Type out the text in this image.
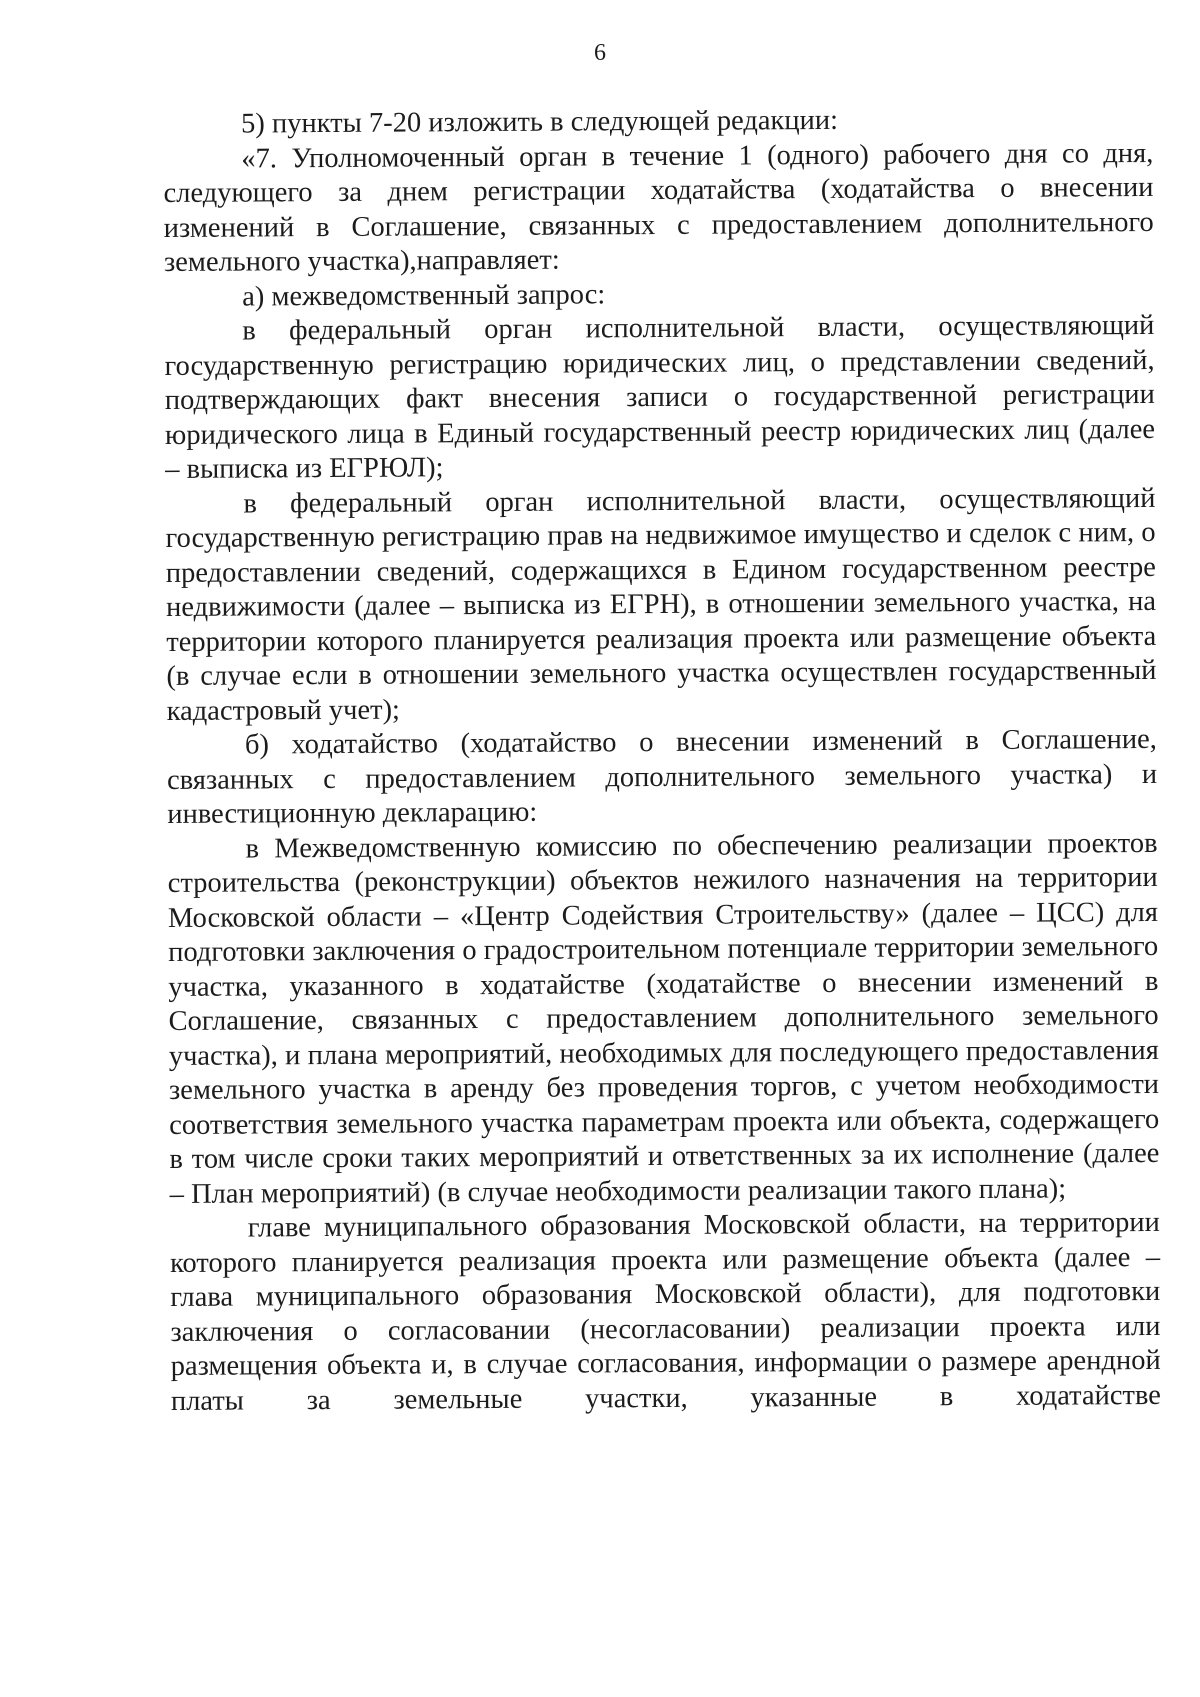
6

5) пункты 7-20 изложить в следующей редакции:

«7. Уполномоченный орган в течение 1 (одного) рабочего дня со дня, следующего за днем регистрации ходатайства (ходатайства о внесении изменений в Соглашение, связанных с предоставлением дополнительного земельного участка),направляет:

а) межведомственный запрос:

в федеральный орган исполнительной власти, осуществляющий государственную регистрацию юридических лиц, о представлении сведений, подтверждающих факт внесения записи о государственной регистрации юридического лица в Единый государственный реестр юридических лиц (далее – выписка из ЕГРЮЛ);

в федеральный орган исполнительной власти, осуществляющий государственную регистрацию прав на недвижимое имущество и сделок с ним, о предоставлении сведений, содержащихся в Едином государственном реестре недвижимости (далее – выписка из ЕГРН), в отношении земельного участка, на территории которого планируется реализация проекта или размещение объекта (в случае если в отношении земельного участка осуществлен государственный кадастровый учет);

б) ходатайство (ходатайство о внесении изменений в Соглашение, связанных с предоставлением дополнительного земельного участка) и инвестиционную декларацию:

в Межведомственную комиссию по обеспечению реализации проектов строительства (реконструкции) объектов нежилого назначения на территории Московской области – «Центр Содействия Строительству» (далее – ЦСС) для подготовки заключения о градостроительном потенциале территории земельного участка, указанного в ходатайстве (ходатайстве о внесении изменений в Соглашение, связанных с предоставлением дополнительного земельного участка), и плана мероприятий, необходимых для последующего предоставления земельного участка в аренду без проведения торгов, с учетом необходимости соответствия земельного участка параметрам проекта или объекта, содержащего в том числе сроки таких мероприятий и ответственных за их исполнение (далее – План мероприятий) (в случае необходимости реализации такого плана);

главе муниципального образования Московской области, на территории которого планируется реализация проекта или размещение объекта (далее – глава муниципального образования Московской области), для подготовки заключения о согласовании (несогласовании) реализации проекта или размещения объекта и, в случае согласования, информации о размере арендной платы за земельные участки, указанные в ходатайстве
